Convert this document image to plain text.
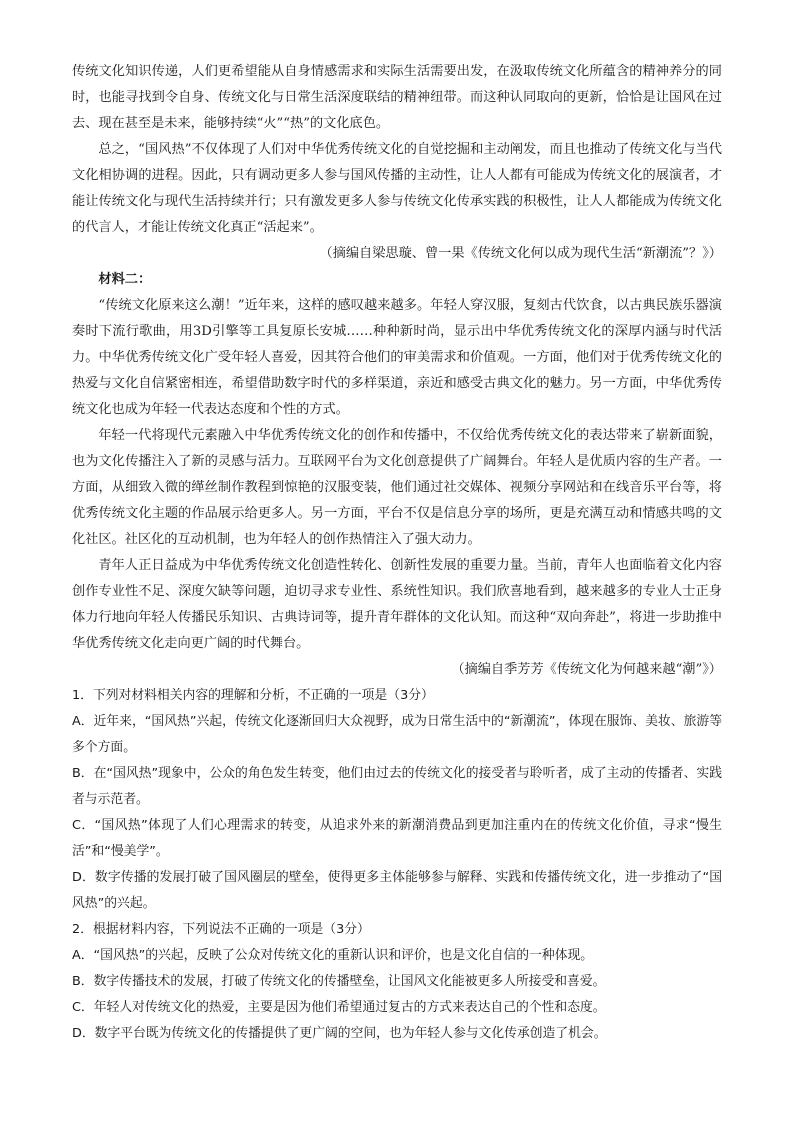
传统文化知识传递，人们更希望能从自身情感需求和实际生活需要出发，在汲取传统文化所蕴含的精神养分的同时，也能寻找到令自身、传统文化与日常生活深度联结的精神纽带。而这种认同取向的更新，恰恰是让国风在过去、现在甚至是未来，能够持续“火”“热”的文化底色。

总之，“国风热”不仅体现了人们对中华优秀传统文化的自觉挖掘和主动阐发，而且也推动了传统文化与当代文化相协调的进程。因此，只有调动更多人参与国风传播的主动性，让人人都有可能成为传统文化的展演者，才能让传统文化与现代生活持续并行；只有激发更多人参与传统文化传承实践的积极性，让人人都能成为传统文化的代言人，才能让传统文化真正“活起来”。

（摘编自梁思璇、曾一果《传统文化何以成为现代生活“新潮流”？》）

材料二：

“传统文化原来这么潮！”近年来，这样的感叹越来越多。年轻人穿汉服，复刻古代饮食，以古典民族乐器演奏时下流行歌曲，用3D引擎等工具复原长安城……种种新时尚，显示出中华优秀传统文化的深厚内涵与时代活力。中华优秀传统文化广受年轻人喜爱，因其符合他们的审美需求和价值观。一方面，他们对于优秀传统文化的热爱与文化自信紧密相连，希望借助数字时代的多样渠道，亲近和感受古典文化的魅力。另一方面，中华优秀传统文化也成为年轻一代表达态度和个性的方式。

年轻一代将现代元素融入中华优秀传统文化的创作和传播中，不仅给优秀传统文化的表达带来了崭新面貌，也为文化传播注入了新的灵感与活力。互联网平台为文化创意提供了广阔舞台。年轻人是优质内容的生产者。一方面，从细致入微的缂丝制作教程到惊艳的汉服变装，他们通过社交媒体、视频分享网站和在线音乐平台等，将优秀传统文化主题的作品展示给更多人。另一方面，平台不仅是信息分享的场所，更是充满互动和情感共鸣的文化社区。社区化的互动机制，也为年轻人的创作热情注入了强大动力。

青年人正日益成为中华优秀传统文化创造性转化、创新性发展的重要力量。当前，青年人也面临着文化内容创作专业性不足、深度欠缺等问题，迫切寻求专业性、系统性知识。我们欣喜地看到，越来越多的专业人士正身体力行地向年轻人传播民乐知识、古典诗词等，提升青年群体的文化认知。而这种“双向奔赴”，将进一步助推中华优秀传统文化走向更广阔的时代舞台。

（摘编自季芳芳《传统文化为何越来越“潮”》）

1．下列对材料相关内容的理解和分析，不正确的一项是（3分）

A．近年来，“国风热”兴起，传统文化逐渐回归大众视野，成为日常生活中的“新潮流”，体现在服饰、美妆、旅游等多个方面。

B．在“国风热”现象中，公众的角色发生转变，他们由过去的传统文化的接受者与聆听者，成了主动的传播者、实践者与示范者。

C．“国风热”体现了人们心理需求的转变，从追求外来的新潮消费品到更加注重内在的传统文化价值，寻求“慢生活”和“慢美学”。

D．数字传播的发展打破了国风圈层的壁垒，使得更多主体能够参与解释、实践和传播传统文化，进一步推动了“国风热”的兴起。

2．根据材料内容，下列说法不正确的一项是（3分）

A．“国风热”的兴起，反映了公众对传统文化的重新认识和评价，也是文化自信的一种体现。

B．数字传播技术的发展，打破了传统文化的传播壁垒，让国风文化能被更多人所接受和喜爱。

C．年轻人对传统文化的热爱，主要是因为他们希望通过复古的方式来表达自己的个性和态度。

D．数字平台既为传统文化的传播提供了更广阔的空间，也为年轻人参与文化传承创造了机会。
